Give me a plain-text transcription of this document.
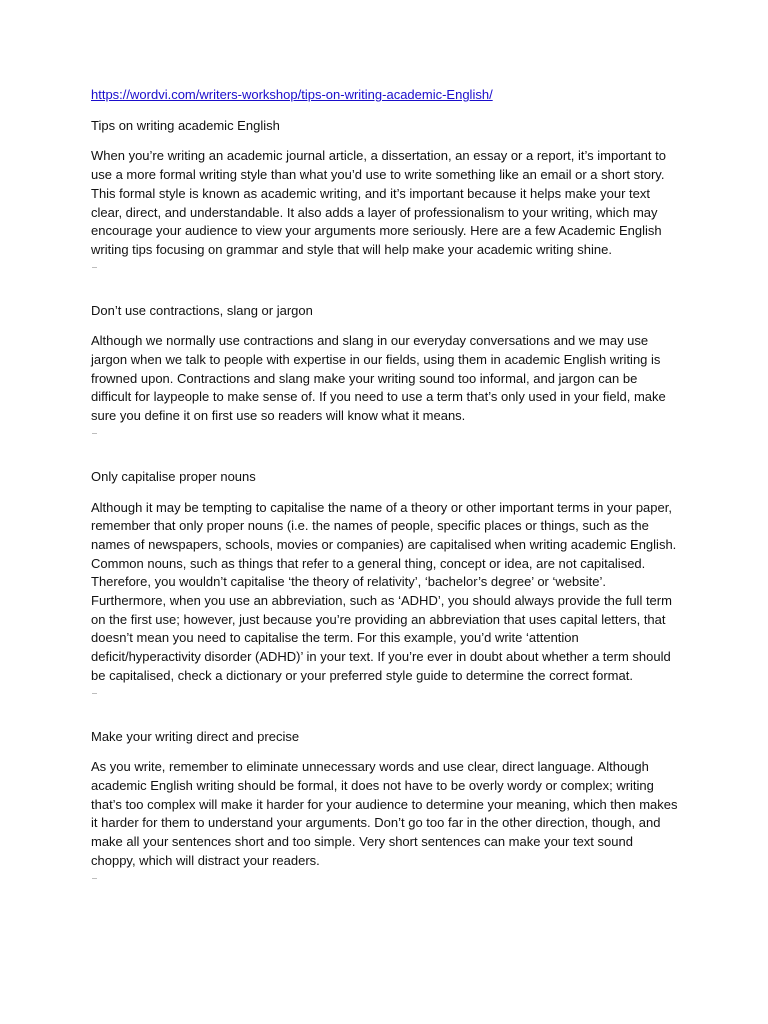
https://wordvi.com/writers-workshop/tips-on-writing-academic-English/
Tips on writing academic English

When you’re writing an academic journal article, a dissertation, an essay or a report, it’s important to use a more formal writing style than what you’d use to write something like an email or a short story. This formal style is known as academic writing, and it’s important because it helps make your text clear, direct, and understandable. It also adds a layer of professionalism to your writing, which may encourage your audience to view your arguments more seriously. Here are a few Academic English writing tips focusing on grammar and style that will help make your academic writing shine.

Don’t use contractions, slang or jargon

Although we normally use contractions and slang in our everyday conversations and we may use jargon when we talk to people with expertise in our fields, using them in academic English writing is frowned upon. Contractions and slang make your writing sound too informal, and jargon can be difficult for laypeople to make sense of. If you need to use a term that’s only used in your field, make sure you define it on first use so readers will know what it means.

Only capitalise proper nouns

Although it may be tempting to capitalise the name of a theory or other important terms in your paper, remember that only proper nouns (i.e. the names of people, specific places or things, such as the names of newspapers, schools, movies or companies) are capitalised when writing academic English. Common nouns, such as things that refer to a general thing, concept or idea, are not capitalised. Therefore, you wouldn’t capitalise ‘the theory of relativity’, ‘bachelor’s degree’ or ‘website’. Furthermore, when you use an abbreviation, such as ‘ADHD’, you should always provide the full term on the first use; however, just because you’re providing an abbreviation that uses capital letters, that doesn’t mean you need to capitalise the term. For this example, you’d write ‘attention deficit/hyperactivity disorder (ADHD)’ in your text. If you’re ever in doubt about whether a term should be capitalised, check a dictionary or your preferred style guide to determine the correct format.

Make your writing direct and precise

As you write, remember to eliminate unnecessary words and use clear, direct language. Although academic English writing should be formal, it does not have to be overly wordy or complex; writing that’s too complex will make it harder for your audience to determine your meaning, which then makes it harder for them to understand your arguments. Don’t go too far in the other direction, though, and make all your sentences short and too simple. Very short sentences can make your text sound choppy, which will distract your readers.
